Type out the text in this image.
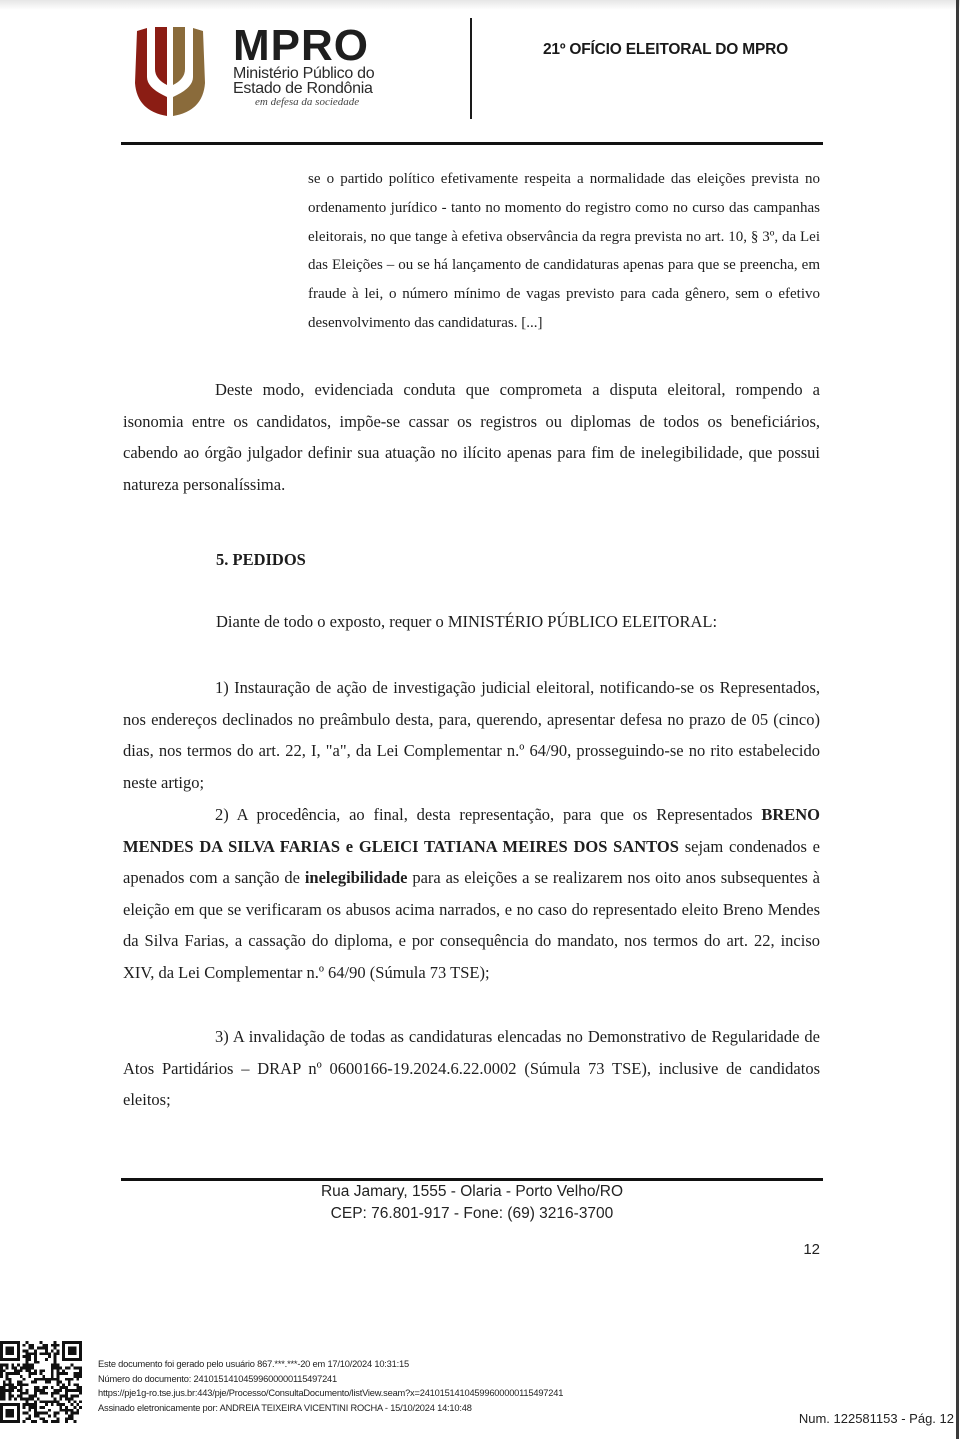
MPRO
Ministério Público do
Estado de Rondônia
em defesa da sociedade
21º OFÍCIO ELEITORAL DO MPRO

se o partido político efetivamente respeita a normalidade das eleições prevista no ordenamento jurídico - tanto no momento do registro como no curso das campanhas eleitorais, no que tange à efetiva observância da regra prevista no art. 10, § 3º, da Lei das Eleições – ou se há lançamento de candidaturas apenas para que se preencha, em fraude à lei, o número mínimo de vagas previsto para cada gênero, sem o efetivo desenvolvimento das candidaturas. [...]

Deste modo, evidenciada conduta que comprometa a disputa eleitoral, rompendo a isonomia entre os candidatos, impõe-se cassar os registros ou diplomas de todos os beneficiários, cabendo ao órgão julgador definir sua atuação no ilícito apenas para fim de inelegibilidade, que possui natureza personalíssima.

5. PEDIDOS
Diante de todo o exposto, requer o MINISTÉRIO PÚBLICO ELEITORAL:

1) Instauração de ação de investigação judicial eleitoral, notificando-se os Representados, nos endereços declinados no preâmbulo desta, para, querendo, apresentar defesa no prazo de 05 (cinco) dias, nos termos do art. 22, I, "a", da Lei Complementar n.º 64/90, prosseguindo-se no rito estabelecido neste artigo;

2) A procedência, ao final, desta representação, para que os Representados BRENO MENDES DA SILVA FARIAS e GLEICI TATIANA MEIRES DOS SANTOS sejam condenados e apenados com a sanção de inelegibilidade para as eleições a se realizarem nos oito anos subsequentes à eleição em que se verificaram os abusos acima narrados, e no caso do representado eleito Breno Mendes da Silva Farias, a cassação do diploma, e por consequência do mandato, nos termos do art. 22, inciso XIV, da Lei Complementar n.º 64/90 (Súmula 73 TSE);

3) A invalidação de todas as candidaturas elencadas no Demonstrativo de Regularidade de Atos Partidários – DRAP nº 0600166-19.2024.6.22.0002 (Súmula 73 TSE), inclusive de candidatos eleitos;

Rua Jamary, 1555 - Olaria - Porto Velho/RO
CEP: 76.801-917 - Fone: (69) 3216-3700
12
Este documento foi gerado pelo usuário 867.***.***-20 em 17/10/2024 10:31:15
Número do documento: 24101514104599600000115497241
https://pje1g-ro.tse.jus.br:443/pje/Processo/ConsultaDocumento/listView.seam?x=24101514104599600000115497241
Assinado eletronicamente por: ANDREIA TEIXEIRA VICENTINI ROCHA - 15/10/2024 14:10:48
Num. 122581153 - Pág. 12
